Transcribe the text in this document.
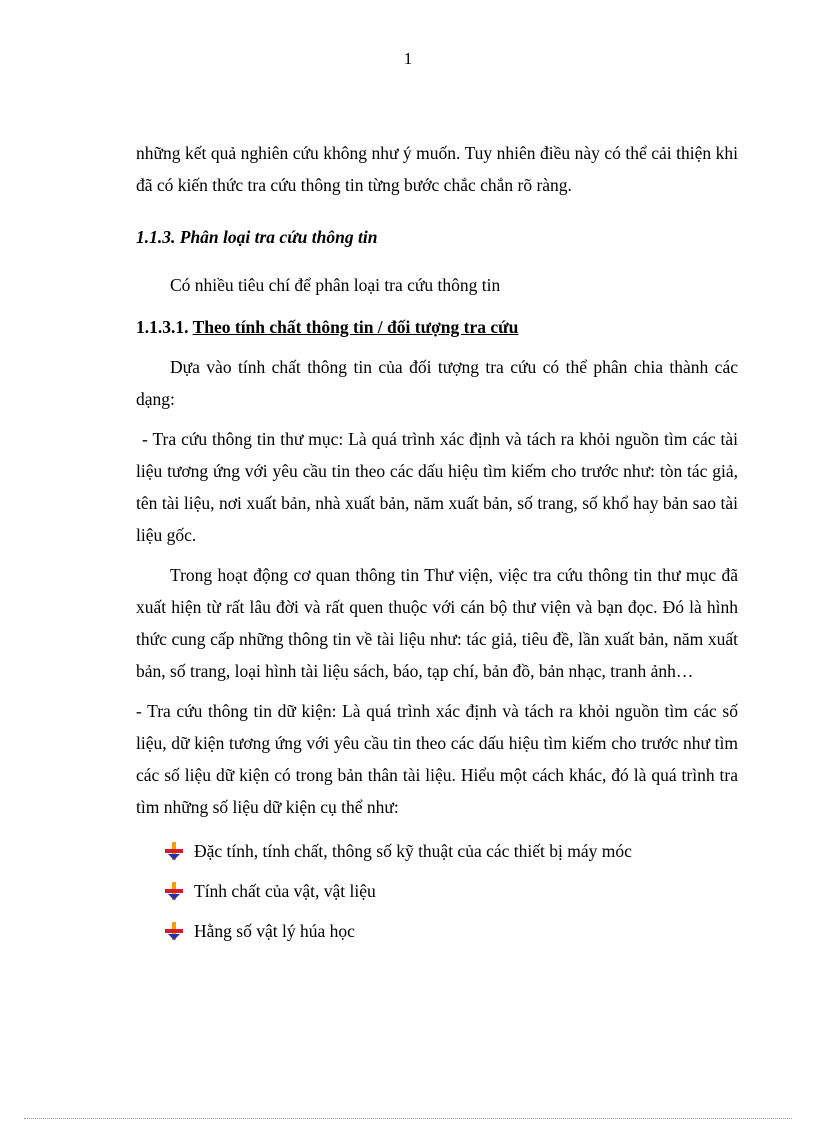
1

những kết quả nghiên cứu không như ý muốn. Tuy nhiên điều này có thể cải thiện khi đã có kiến thức tra cứu thông tin từng bước chắc chắn rõ ràng.

1.1.3. Phân loại tra cứu thông tin

Có nhiều tiêu chí để phân loại tra cứu thông tin

1.1.3.1. Theo tính chất thông tin / đối tượng tra cứu

Dựa vào tính chất thông tin của đối tượng tra cứu có thể phân chia thành các dạng:

- Tra cứu thông tin thư mục: Là quá trình xác định và tách ra khỏi nguồn tìm các tài liệu tương ứng với yêu cầu tin theo các dấu hiệu tìm kiếm cho trước như: tòn tác giả, tên tài liệu, nơi xuất bản, nhà xuất bản, năm xuất bản, số trang, số khổ hay bản sao tài liệu gốc.

Trong hoạt động cơ quan thông tin Thư viện, việc tra cứu thông tin thư mục đã xuất hiện từ rất lâu đời và rất quen thuộc với cán bộ thư viện và bạn đọc. Đó là hình thức cung cấp những thông tin về tài liệu như: tác giả, tiêu đề, lần xuất bản, năm xuất bản, số trang, loại hình tài liệu sách, báo, tạp chí, bản đồ, bản nhạc, tranh ảnh…

- Tra cứu thông tin dữ kiện: Là quá trình xác định và tách ra khỏi nguồn tìm các số liệu, dữ kiện tương ứng với yêu cầu tin theo các dấu hiệu tìm kiếm cho trước như tìm các số liệu dữ kiện có trong bản thân tài liệu. Hiểu một cách khác, đó là quá trình tra tìm những số liệu dữ kiện cụ thể như:

Đặc tính, tính chất, thông số kỹ thuật của các thiết bị máy móc
Tính chất của vật, vật liệu
Hằng số vật lý húa học
